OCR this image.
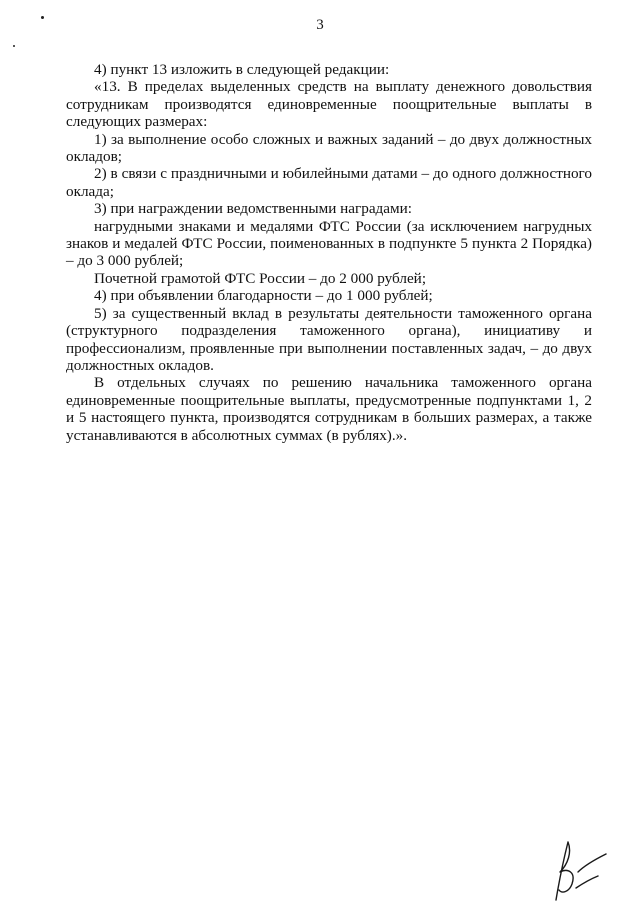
3

4) пункт 13 изложить в следующей редакции:

«13. В пределах выделенных средств на выплату денежного довольствия сотрудникам производятся единовременные поощрительные выплаты в следующих размерах:

1) за выполнение особо сложных и важных заданий – до двух должностных окладов;

2) в связи с праздничными и юбилейными датами – до одного должностного оклада;

3) при награждении ведомственными наградами:

нагрудными знаками и медалями ФТС России (за исключением нагрудных знаков и медалей ФТС России, поименованных в подпункте 5 пункта 2 Порядка) – до 3 000 рублей;

Почетной грамотой ФТС России – до 2 000 рублей;

4) при объявлении благодарности – до 1 000 рублей;

5) за существенный вклад в результаты деятельности таможенного органа (структурного подразделения таможенного органа), инициативу и профессионализм, проявленные при выполнении поставленных задач, – до двух должностных окладов.

В отдельных случаях по решению начальника таможенного органа единовременные поощрительные выплаты, предусмотренные подпунктами 1, 2 и 5 настоящего пункта, производятся сотрудникам в больших размерах, а также устанавливаются в абсолютных суммах (в рублях).».
